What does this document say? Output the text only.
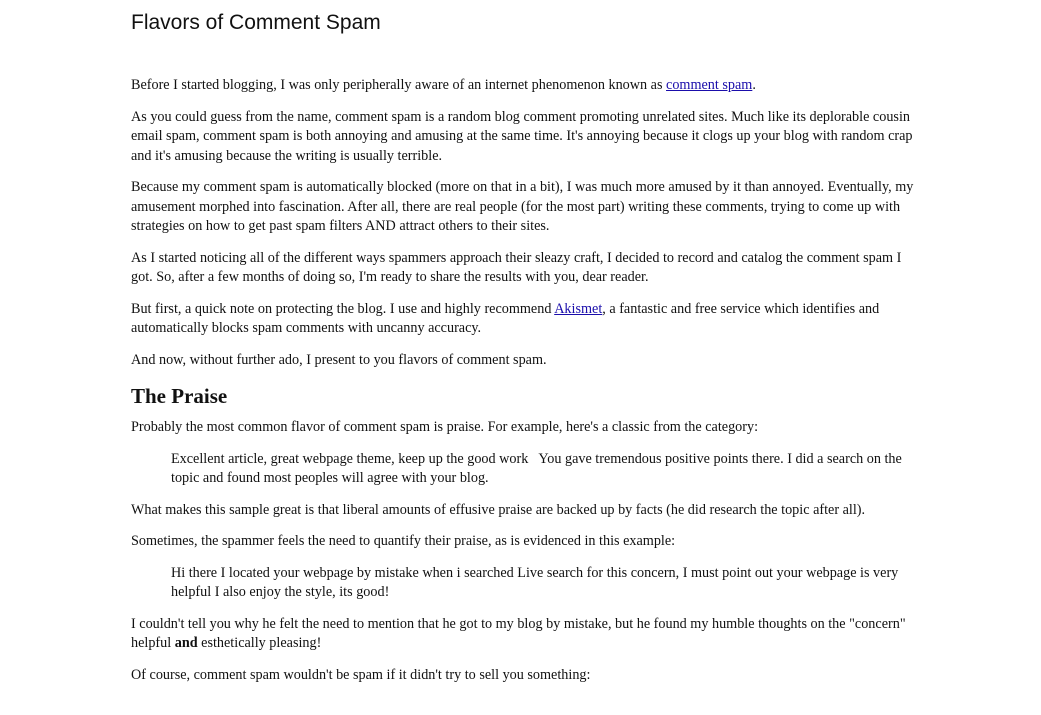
Flavors of Comment Spam

Before I started blogging, I was only peripherally aware of an internet phenomenon known as comment spam.

As you could guess from the name, comment spam is a random blog comment promoting unrelated sites. Much like its deplorable cousin email spam, comment spam is both annoying and amusing at the same time. It's annoying because it clogs up your blog with random crap and it's amusing because the writing is usually terrible.

Because my comment spam is automatically blocked (more on that in a bit), I was much more amused by it than annoyed. Eventually, my amusement morphed into fascination. After all, there are real people (for the most part) writing these comments, trying to come up with strategies on how to get past spam filters AND attract others to their sites.

As I started noticing all of the different ways spammers approach their sleazy craft, I decided to record and catalog the comment spam I got. So, after a few months of doing so, I'm ready to share the results with you, dear reader.

But first, a quick note on protecting the blog. I use and highly recommend Akismet, a fantastic and free service which identifies and automatically blocks spam comments with uncanny accuracy.

And now, without further ado, I present to you flavors of comment spam.

The Praise

Probably the most common flavor of comment spam is praise. For example, here's a classic from the category:

Excellent article, great webpage theme, keep up the good work   You gave tremendous positive points there. I did a search on the topic and found most peoples will agree with your blog.

What makes this sample great is that liberal amounts of effusive praise are backed up by facts (he did research the topic after all).

Sometimes, the spammer feels the need to quantify their praise, as is evidenced in this example:

Hi there I located your webpage by mistake when i searched Live search for this concern, I must point out your webpage is very helpful I also enjoy the style, its good!

I couldn't tell you why he felt the need to mention that he got to my blog by mistake, but he found my humble thoughts on the "concern" helpful and esthetically pleasing!

Of course, comment spam wouldn't be spam if it didn't try to sell you something:
